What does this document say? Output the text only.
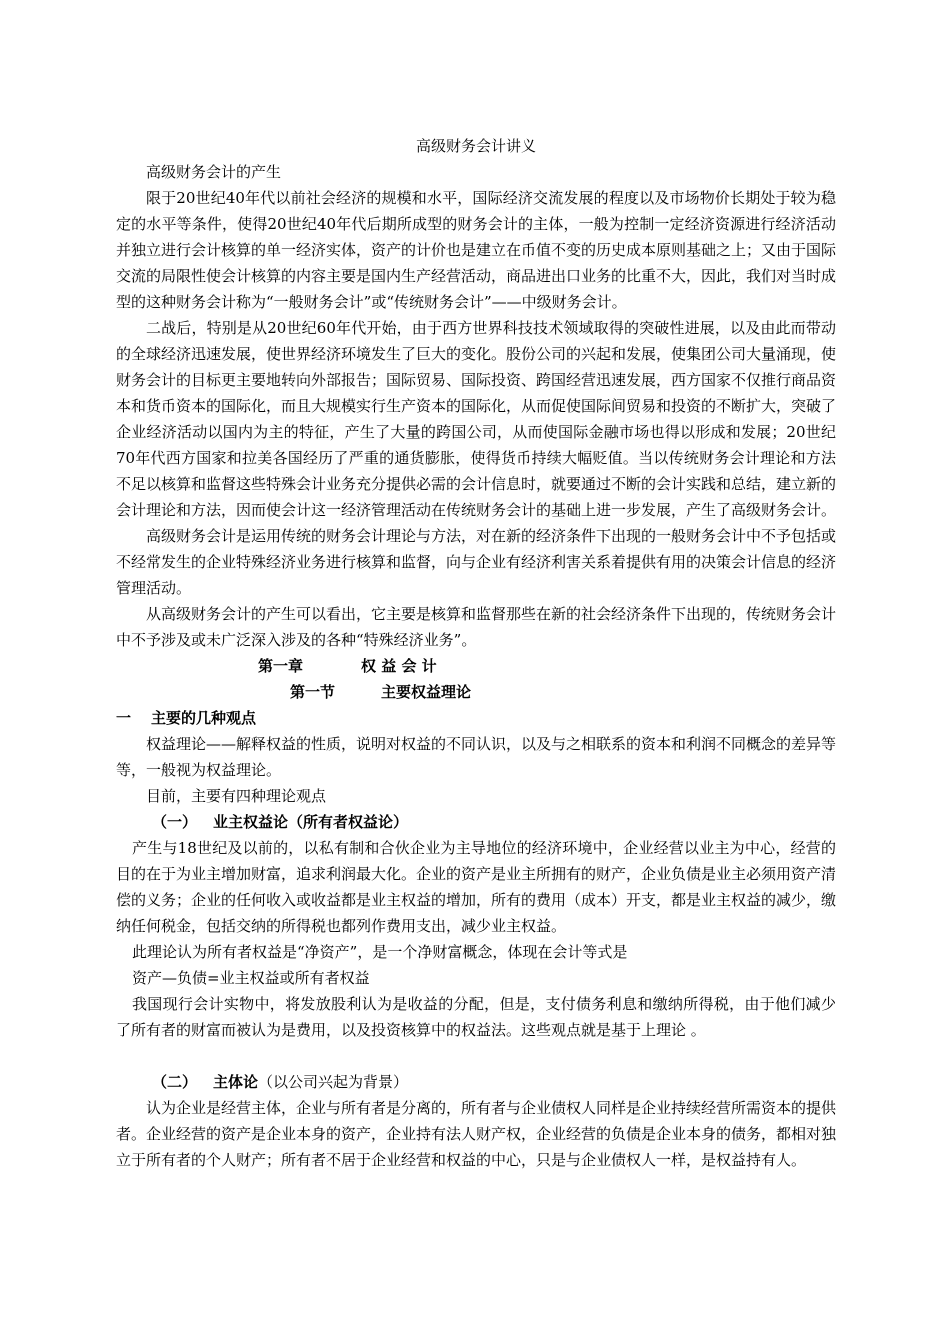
高级财务会计讲义

高级财务会计的产生

限于20世纪40年代以前社会经济的规模和水平，国际经济交流发展的程度以及市场物价长期处于较为稳定的水平等条件，使得20世纪40年代后期所成型的财务会计的主体，一般为控制一定经济资源进行经济活动并独立进行会计核算的单一经济实体，资产的计价也是建立在币值不变的历史成本原则基础之上；又由于国际交流的局限性使会计核算的内容主要是国内生产经营活动，商品进出口业务的比重不大，因此，我们对当时成型的这种财务会计称为“一般财务会计”或“传统财务会计”——中级财务会计。

二战后，特别是从20世纪60年代开始，由于西方世界科技技术领域取得的突破性进展，以及由此而带动的全球经济迅速发展，使世界经济环境发生了巨大的变化。股份公司的兴起和发展，使集团公司大量涌现，使财务会计的目标更主要地转向外部报告；国际贸易、国际投资、跨国经营迅速发展，西方国家不仅推行商品资本和货币资本的国际化，而且大规模实行生产资本的国际化，从而促使国际间贸易和投资的不断扩大，突破了企业经济活动以国内为主的特征，产生了大量的跨国公司，从而使国际金融市场也得以形成和发展；20世纪70年代西方国家和拉美各国经历了严重的通货膨胀，使得货币持续大幅贬值。当以传统财务会计理论和方法不足以核算和监督这些特殊会计业务充分提供必需的会计信息时，就要通过不断的会计实践和总结，建立新的会计理论和方法，因而使会计这一经济管理活动在传统财务会计的基础上进一步发展，产生了高级财务会计。

高级财务会计是运用传统的财务会计理论与方法，对在新的经济条件下出现的一般财务会计中不予包括或不经常发生的企业特殊经济业务进行核算和监督，向与企业有经济利害关系着提供有用的决策会计信息的经济管理活动。

从高级财务会计的产生可以看出，它主要是核算和监督那些在新的社会经济条件下出现的，传统财务会计中不予涉及或未广泛深入涉及的各种“特殊经济业务”。

第一章	权 益 会 计

第一节	主要权益理论

一 主要的几种观点

权益理论——解释权益的性质，说明对权益的不同认识，以及与之相联系的资本和利润不同概念的差异等等，一般视为权益理论。

目前，主要有四种理论观点

（一） 业主权益论（所有者权益论）

产生与18世纪及以前的，以私有制和合伙企业为主导地位的经济环境中，企业经营以业主为中心，经营的目的在于为业主增加财富，追求利润最大化。企业的资产是业主所拥有的财产，企业负债是业主必须用资产清偿的义务；企业的任何收入或收益都是业主权益的增加，所有的费用（成本）开支，都是业主权益的减少，缴纳任何税金，包括交纳的所得税也都列作费用支出，减少业主权益。

此理论认为所有者权益是“净资产”，是一个净财富概念，体现在会计等式是

资产—负债=业主权益或所有者权益

我国现行会计实物中，将发放股利认为是收益的分配，但是，支付债务利息和缴纳所得税，由于他们减少了所有者的财富而被认为是费用，以及投资核算中的权益法。这些观点就是基于上理论 。

（二） 主体论（以公司兴起为背景）

认为企业是经营主体，企业与所有者是分离的，所有者与企业债权人同样是企业持续经营所需资本的提供者。企业经营的资产是企业本身的资产，企业持有法人财产权，企业经营的负债是企业本身的债务，都相对独立于所有者的个人财产；所有者不居于企业经营和权益的中心，只是与企业债权人一样，是权益持有人。
